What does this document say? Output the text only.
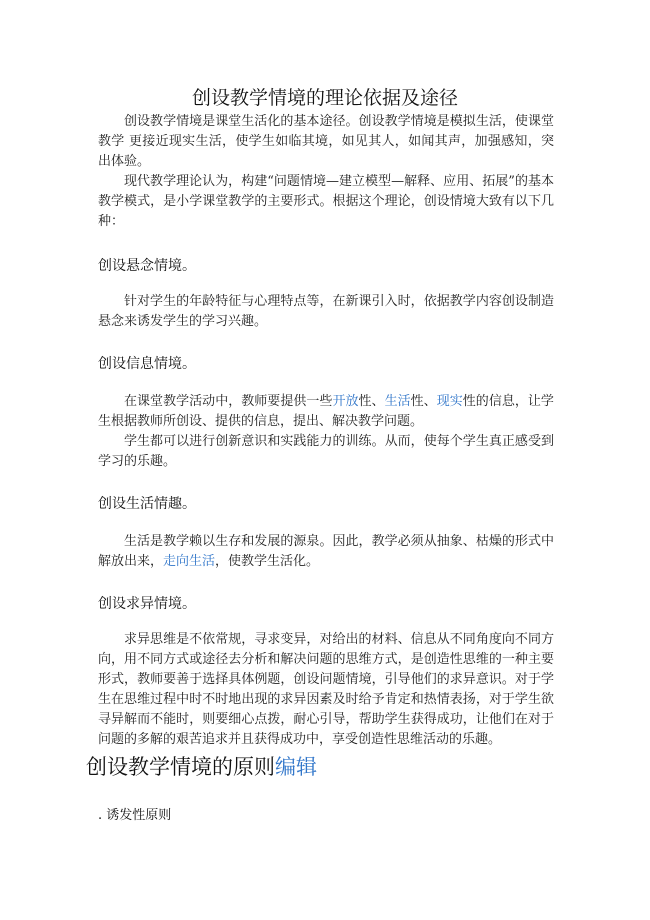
创设教学情境的理论依据及途径

创设教学情境是课堂生活化的基本途径。创设教学情境是模拟生活，使课堂教学 更接近现实生活，使学生如临其境，如见其人，如闻其声，加强感知，突出体验。

现代教学理论认为，构建“问题情境—建立模型—解释、应用、拓展”的基本教学模式，是小学课堂教学的主要形式。根据这个理论，创设情境大致有以下几种：

创设悬念情境。

针对学生的年龄特征与心理特点等，在新课引入时，依据教学内容创设制造悬念来诱发学生的学习兴趣。

创设信息情境。

在课堂教学活动中，教师要提供一些开放性、生活性、现实性的信息，让学生根据教师所创设、提供的信息，提出、解决教学问题。

学生都可以进行创新意识和实践能力的训练。从而，使每个学生真正感受到学习的乐趣。

创设生活情趣。

生活是教学赖以生存和发展的源泉。因此，教学必须从抽象、枯燥的形式中解放出来，走向生活，使教学生活化。

创设求异情境。

求异思维是不依常规，寻求变异，对给出的材料、信息从不同角度向不同方向，用不同方式或途径去分析和解决问题的思维方式，是创造性思维的一种主要形式，教师要善于选择具体例题，创设问题情境，引导他们的求异意识。对于学生在思维过程中时不时地出现的求异因素及时给予肯定和热情表扬，对于学生欲寻异解而不能时，则要细心点拨，耐心引导，帮助学生获得成功，让他们在对于问题的多解的艰苦追求并且获得成功中，享受创造性思维活动的乐趣。

创设教学情境的原则编辑
. 诱发性原则
